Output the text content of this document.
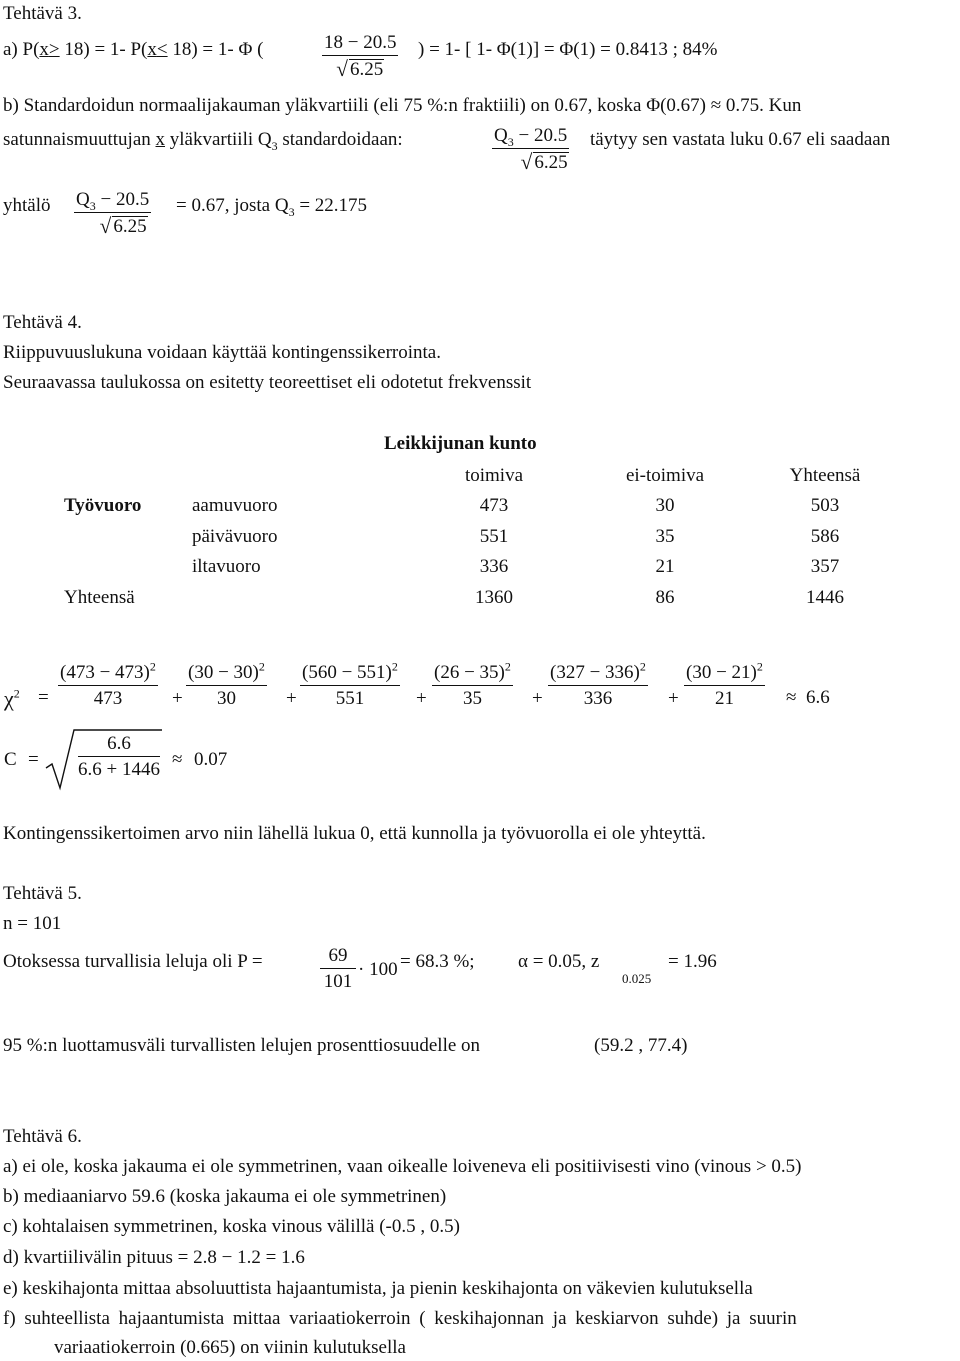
Tehtävä 3.
a) P(x> 18) = 1- P(x< 18) = 1- Φ (	18 − 20.5
√ 6.25
) = 1- [ 1- Φ(1)] = Φ(1) = 0.8413 ; 84%
b) Standardoidun normaalijakauman yläkvartiili (eli 75 %:n fraktiili) on 0.67, koska Φ(0.67) ≈ 0.75. Kun
satunnaismuuttujan x yläkvartiili $Q_3$ standardoidaan:	$Q_3 - 20.5$
√ 6.25
täytyy sen vastata luku 0.67 eli saadaan
yhtälö $Q_3 - 20.5$
√ 6.25
= 0.67, josta $Q_3 = 22.175$
Tehtävä 4.
Riippuvuuslukuna voidaan käyttää kontingenssikerrointa.
Seuraavassa taulukossa on esitetty teoreettiset eli odotetut frekvenssit
Leikkijunan kunto
toimiva	ei-toimiva	Yhteensä
Työvuoro	aamuvuoro	473	30	503
päivävuoro	551	35	586
iltavuoro	336	21	357
Yhteensä	1360	86	1446
$\chi^2$ =
$(473 - 473)^2$
473	+
$(30 - 30)^2$
30	+
$(560 - 551)^2$
551	+
$(26 - 35)^2$
35	+
$(327 - 336)^2$
336	+
$(30 - 21)^2$
21	≈ 6.6
C =
6.6
6.6 + 1446 ≈ 0.07
Kontingenssikertoimen arvo niin lähellä lukua 0, että kunnolla ja työvuorolla ei ole yhteyttä.
Tehtävä 5.
n = 101
Otoksessa turvallisia leluja oli P =	69
101
· 100 = 68.3 %; α = 0.05, z
0.025
= 1.96
95 %:n luottamusväli turvallisten lelujen prosenttiosuudelle on	(59.2 , 77.4)
Tehtävä 6.
a) ei ole, koska jakauma ei ole symmetrinen, vaan oikealle loiveneva eli positiivisesti vino (vinous > 0.5)
b) mediaaniarvo 59.6 (koska jakauma ei ole symmetrinen)
c) kohtalaisen symmetrinen, koska vinous välillä (-0.5 , 0.5)
d) kvartiilivälin pituus = 2.8 − 1.2 = 1.6
e) keskihajonta mittaa absoluuttista hajaantumista, ja pienin keskihajonta on väkevien kulutuksella
f) suhteellista hajaantumista mittaa variaatiokerroin ( keskihajonnan ja keskiarvon suhde) ja suurin
variaatiokerroin (0.665) on viinin kulutuksella
